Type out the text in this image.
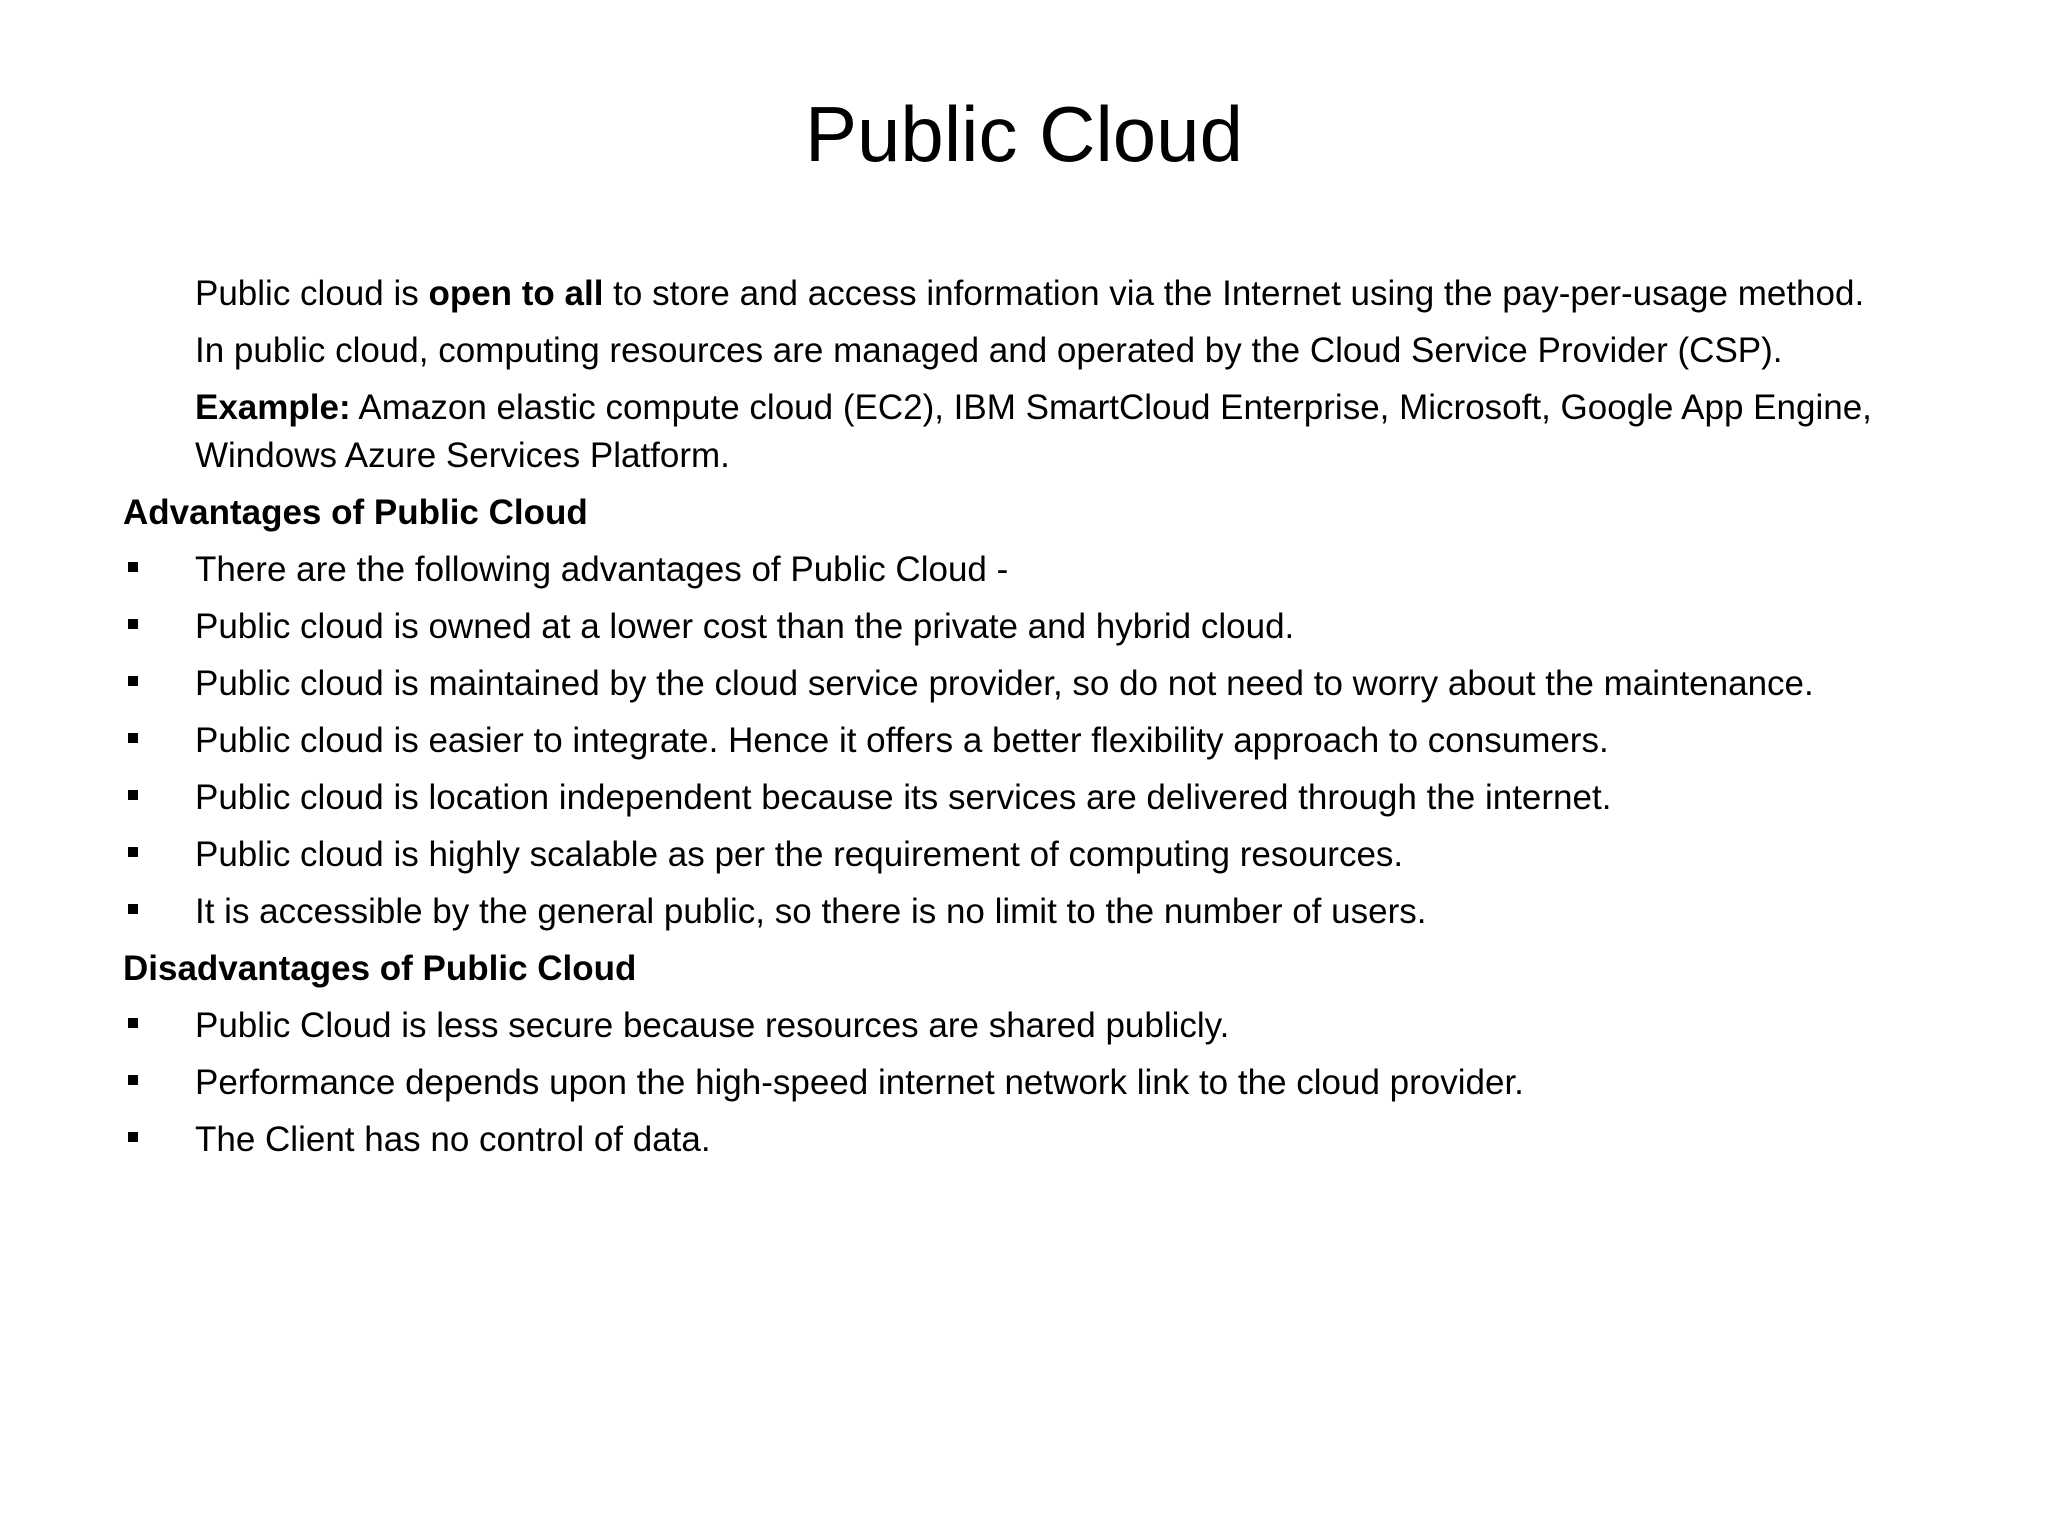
Public Cloud

Public cloud is open to all to store and access information via the Internet using the pay-per-usage method.

In public cloud, computing resources are managed and operated by the Cloud Service Provider (CSP).

Example: Amazon elastic compute cloud (EC2), IBM SmartCloud Enterprise, Microsoft, Google App Engine, Windows Azure Services Platform.

Advantages of Public Cloud
There are the following advantages of Public Cloud -
Public cloud is owned at a lower cost than the private and hybrid cloud.
Public cloud is maintained by the cloud service provider, so do not need to worry about the maintenance.
Public cloud is easier to integrate. Hence it offers a better flexibility approach to consumers.
Public cloud is location independent because its services are delivered through the internet.
Public cloud is highly scalable as per the requirement of computing resources.
It is accessible by the general public, so there is no limit to the number of users.
Disadvantages of Public Cloud
Public Cloud is less secure because resources are shared publicly.
Performance depends upon the high-speed internet network link to the cloud provider.
The Client has no control of data.
